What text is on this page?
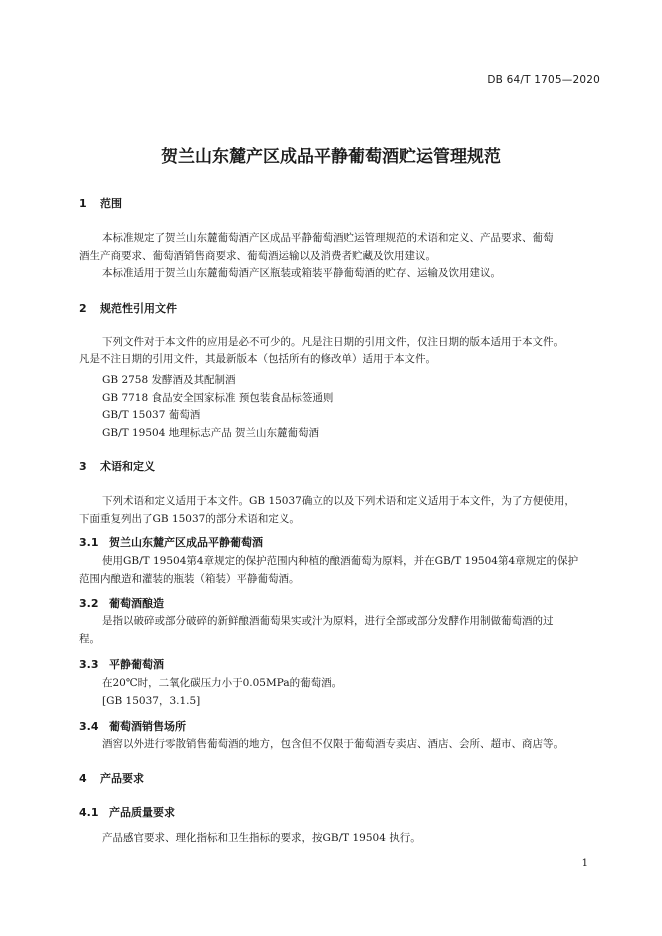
DB 64/T 1705—2020
贺兰山东麓产区成品平静葡萄酒贮运管理规范
1 范围
本标准规定了贺兰山东麓葡萄酒产区成品平静葡萄酒贮运管理规范的术语和定义、产品要求、葡萄
酒生产商要求、葡萄酒销售商要求、葡萄酒运输以及消费者贮藏及饮用建议。
本标准适用于贺兰山东麓葡萄酒产区瓶装或箱装平静葡萄酒的贮存、运输及饮用建议。
2 规范性引用文件
下列文件对于本文件的应用是必不可少的。凡是注日期的引用文件，仅注日期的版本适用于本文件。
凡是不注日期的引用文件，其最新版本（包括所有的修改单）适用于本文件。
GB 2758 发酵酒及其配制酒
GB 7718 食品安全国家标准 预包装食品标签通则
GB/T 15037 葡萄酒
GB/T 19504 地理标志产品 贺兰山东麓葡萄酒
3 术语和定义
下列术语和定义适用于本文件。GB 15037确立的以及下列术语和定义适用于本文件，为了方便使用，
下面重复列出了GB 15037的部分术语和定义。
3.1 贺兰山东麓产区成品平静葡萄酒
使用GB/T 19504第4章规定的保护范围内种植的酿酒葡萄为原料，并在GB/T 19504第4章规定的保护
范围内酿造和灌装的瓶装（箱装）平静葡萄酒。
3.2 葡萄酒酿造
是指以破碎或部分破碎的新鲜酿酒葡萄果实或汁为原料，进行全部或部分发酵作用制做葡萄酒的过
程。
3.3 平静葡萄酒
在20℃时，二氧化碳压力小于0.05MPa的葡萄酒。
[GB 15037，3.1.5]
3.4 葡萄酒销售场所
酒窖以外进行零散销售葡萄酒的地方，包含但不仅限于葡萄酒专卖店、酒店、会所、超市、商店等。
4 产品要求
4.1 产品质量要求
产品感官要求、理化指标和卫生指标的要求，按GB/T 19504 执行。
1
